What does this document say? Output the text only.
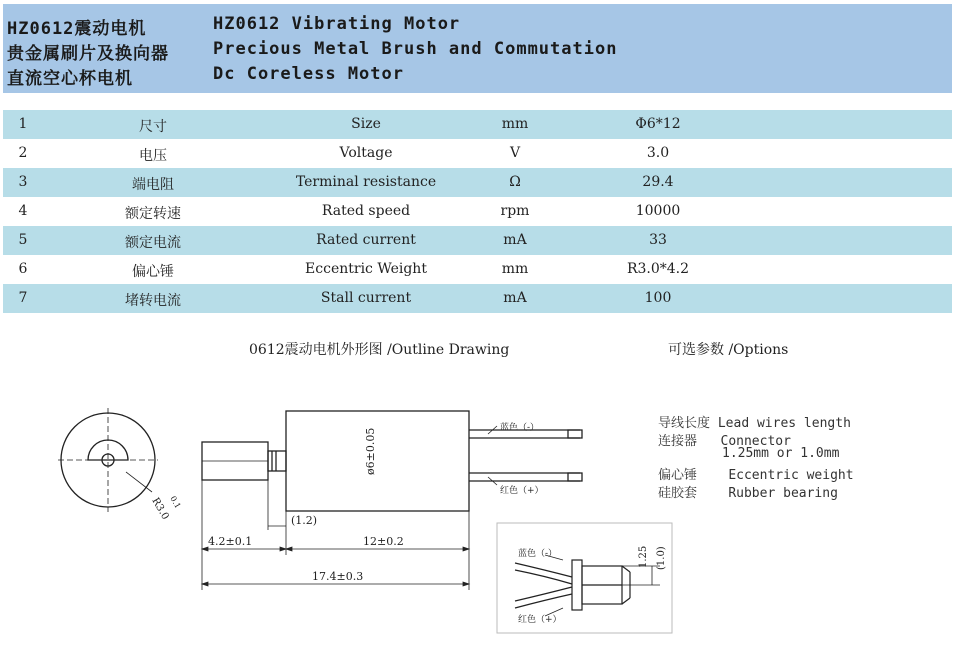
HZ0612震动电机	HZ0612 Vibrating Motor
贵金属刷片及换向器	Precious Metal Brush and Commutation
直流空心杯电机	Dc Coreless Motor
1	尺寸	Size	mm	Φ6*12
2	电压	Voltage	V	3.0
3	端电阻	Terminal resistance	Ω	29.4
4	额定转速	Rated speed	rpm	10000
5	额定电流	Rated current	mA	33
6	偏心锤	Eccentric Weight	mm	R3.0*4.2
7	堵转电流	Stall current	mA	100
0612震动电机外形图 /Outline Drawing	可选参数 /Options
R3.0
0.1
蓝色（-）
红色（+）
ø6±0.05
4.2±0.1
(1.2)
12±0.2
17.4±0.3
蓝色（-）
红色（+）
1.25 (1.0)
导线长度 Lead wires length
连接器 Connector
1.25mm or 1.0mm
偏心锤 Eccentric weight
硅胶套 Rubber bearing
